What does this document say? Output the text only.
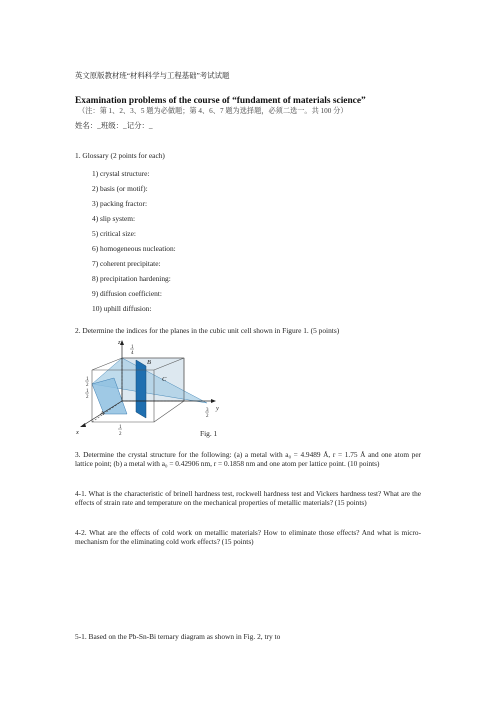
英文原版教材班“材料科学与工程基础”考试试题
Examination problems of the course of “fundament of materials science”
（注：第 1、2、3、5 题为必做题；第 4、6、7 题为选择题，必须二选一。共 100 分）
姓名：_班级：_记分：_
1. Glossary (2 points for each)
1) crystal structure:
2) basis (or motif):
3) packing fractor:
4) slip system:
5) critical size:
6) homogeneous nucleation:
7) coherent precipitate:
8) precipitation hardening:
9) diffusion coefficient:
10) uphill diffusion:
2. Determine the indices for the planes in the cubic unit cell shown in Figure 1. (5 points)
z
y
x
A
B
C
1
4
1
2
1
2
3
2
1
2	Fig. 1
3. Determine the crystal structure for the following: (a) a metal with a₀ = 4.9489 Å, r = 1.75 Å and one atom per lattice point; (b) a metal with a₀ = 0.42906 nm, r = 0.1858 nm and one atom per lattice point. (10 points)
4-1. What is the characteristic of brinell hardness test, rockwell hardness test and Vickers hardness test? What are the effects of strain rate and temperature on the mechanical properties of metallic materials? (15 points)
4-2. What are the effects of cold work on metallic materials? How to eliminate those effects? And what is micro-mechanism for the eliminating cold work effects? (15 points)
5-1. Based on the Pb-Sn-Bi ternary diagram as shown in Fig. 2, try to
